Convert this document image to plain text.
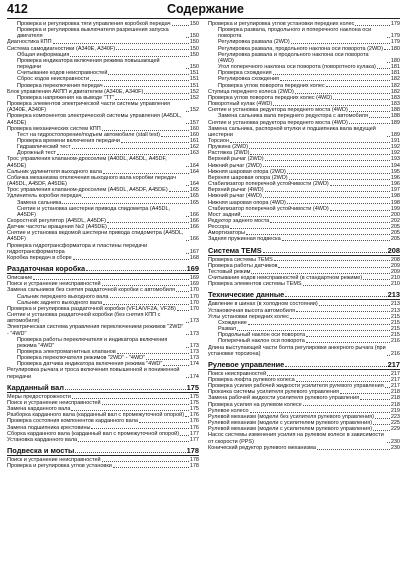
412	Содержание
Проверка и регулировка тяги управления коробкой передач	150
Проверка и регулировка выключателя разрешения запуска двигателя	150
Диагностика КПП	150
Система самодиагностики (A340E, A340F)	150
Общая информация	150
Проверка индикатора включения режима повышающей передачи	150
Считывание кодов неисправностей	151
Сброс кодов неисправности	151
Проверка переключения передач	151
Блок управления АКПП и двигателем (A340E, A340F)	152
Проверка напряжения на выводе "TT"	152
Проверка элементов электрической части системы управления (A340E, A340F)	152
Проверка компонентов электрической системы управления (A45DL, A45DE)	157
Проверка механических систем КПП	160
Тест на гидростопорение/подъем автомобиле (stall test)	160
Проверка времени включения передачи	161
Гидравлический тест	162
Дорожный тест	163
Трос управления клапаном-дросселем (A40DL, A45DL, A45DF, A45DE)	164
Сальник удлинителя выходного вала	164
Собачка механизма отключения выходного вала коробки передач (A45DL, A45DF, A45DE)	164
Трос управления клапаном-дросселем (A45DL, A45DF, A45DE)	165
Удлинитель коробки передач	165
Замена сальника	165
Снятие и установка шестерни привода спидометра (A45DL, A45DF)	166
Скоростной регулятор (A45DL, A45DF)	166
Датчик частоты вращения №2 (A45DE)	166
Снятие и установка ведомой шестерни привода спидометра (A45DL, A45DF)	166
Проверка гидротрансформатора и пластины передачи гидротрансформатора	167
Коробка передач в сборе	168
Раздаточная коробка	169
Описание	169
Поиск и устранение неисправностей	169
Замена сальников без снятия раздаточной коробки с автомобиля	170
Сальник переднего выходного вала	170
Сальник заднего выходного вала	170
Проверка и регулировка раздаточной коробки (VF1A/VF2A, VF2B)	170
Снятие и установка раздаточной коробки (без снятия КПП с автомобиля)	173
Электрическая система управления переключением режимов "2WD" - "4WD"	173
Проверка работы переключателя и индикатора включения режима "4WD"	173
Проверка электромагнитных клапанов	173
Проверка переключателя режимов "2WD" - "4WD"	173
Проверка датчика индикатора включения режима "4WD"	174
Регулировка рычага и троса включения повышенной и пониженной передачи	174
Карданный вал	175
Меры предосторожности	175
Поиск и устранение неисправностей	175
Замена карданного вала	175
Разборка карданного вала (карданный вал с промежуточной опорой) 176
Проверка состояния компонентов карданного вала	176
Замена подшипника крестовины	176
Сборка карданного вала (карданный вал с промежуточной опорой) 177
Установка карданного вала	177
Подвеска и мосты	178
Поиск и устранение неисправностей	178
Проверка и регулировка углов установки	178
Проверка и регулировка углов установки передних колес	179
Проверка развала, продольного и поперечного наклона оси поворота	179
Регулировка развала (2WD)	179
Регулировка развала, продольного наклона оси поворота (2WD) 180
Регулировка развала и продольного наклона оси поворота (4WD)	180
Угол поперечного наклона оси поворота (поворотного кулака)	181
Проверка схождения	181
Регулировка схождения	182
Проверка углов поворота передних колес	182
Ступица переднего колеса (2WD)	182
Проверка углов поворота передних колес (4WD)	183
Поворотный кулак (4WD)	183
Снятие и установка редуктора переднего моста (4WD)	188
Замена сальника вала переднего редуктора с автомобиля	188
Снятие и установка редуктора переднего моста (4WD)	189
Замена сальника, распорной втулки и подшипника вала ведущей шестерни	189
Торсион	191
Пружина (2WD)	192
Растяжка (2WD)	192
Верхний рычаг (2WD)	193
Нижний рычаг (2WD)	194
Нижняя шаровая опора (2WD)	195
Верхняя шаровая опора (2WD)	196
Стабилизатор поперечной устойчивости (2WD)	196
Верхний рычаг (4WD)	197
Нижний рычаг (4WD)	198
Нижняя шаровая опора (4WD)	198
Стабилизатор поперечной устойчивости (4WD)	199
Мост задний	200
Редуктор заднего моста	202
Рессора	205
Амортизаторы	205
Задняя пружинная подвеска	205
Система TEMS	208
Проверка системы TEMS	208
Проверка работы датчиков	209
Тестовый режим	209
Считывание кодов неисправностей (в стандартном режиме)	210
Проверка элементов системы TEMS	210
Технические данные	213
Давление в шинах (в холодном состоянии)	213
Установочная высота автомобиля	213
Углы установки передних колес	215
Схождение	215
Развал	215
Продольный наклон оси поворота	215
Поперечный наклон оси поворота	216
Длина выступающей части болта регулировки анкерного рычага (при установке торсиона)	216
Рулевое управление	217
Поиск неисправностей	217
Проверка люфта рулевого колеса	217
Проверка усилия рабочей жидкости усилителя рулевого управления 217
Прокачка системы усилителя рулевого управления	218
Замена рабочей жидкости усилителя рулевого управления	218
Проверка усилия на рулевом колесе	218
Рулевое колесо	219
Рулевой механизм (модели без усилителя рулевого управления)	223
Рулевой механизм (модели с усилителем рулевого управления)	225
Рулевой механизм (модели с усилителем рулевого управления)	229
Насос системы изменения усилия на рулевом колесе в зависимости от скорости (PPS)	230
Конический редуктор рулевого механизма	230
